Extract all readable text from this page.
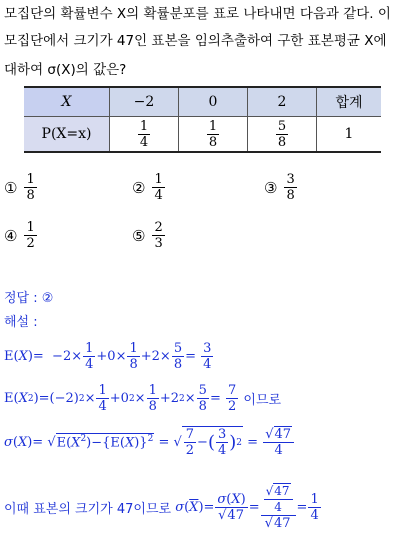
모집단의 확률변수 X의 확률분포를 표로 나타내면 다음과 같다. 이
모집단에서 크기가 47인 표본을 임의추출하여 구한 표본평균 X에
대하여 σ(X)의 값은?
X	−2	0	2	합계
P(X=x)	$\frac{1}{4}$	$\frac{1}{8}$	$\frac{5}{8}$	1
① $\frac{1}{8}$	② $\frac{1}{4}$	③ $\frac{3}{8}$
④ $\frac{1}{2}$	⑤ $\frac{2}{3}$
정답 : ②
해설 :
E( X )=  $-2\times \frac{1}{4} +0\times \frac{1}{8} +2\times \frac{5}{8} = \frac{3}{4}$
E( X 2 )=(−2) $2 \times \frac{1}{4} +0$ $2 \times \frac{1}{8} +2$ $2 \times \frac{5}{8} = \frac{7}{2}$
이므로
σ ( X )= √ $E(X^2)-\{E(X)\}^2$ = √ $\frac{7}{2}$ − ( $\frac{3}{4}$ ) $2 = \frac{√47}{4}$
이때 표본의 크기가 47이므로
σ $(\overline{X})= \frac{\sigma(X)}{√47} = \frac{\frac{√47}{4}}{√47} = \frac{1}{4}$
